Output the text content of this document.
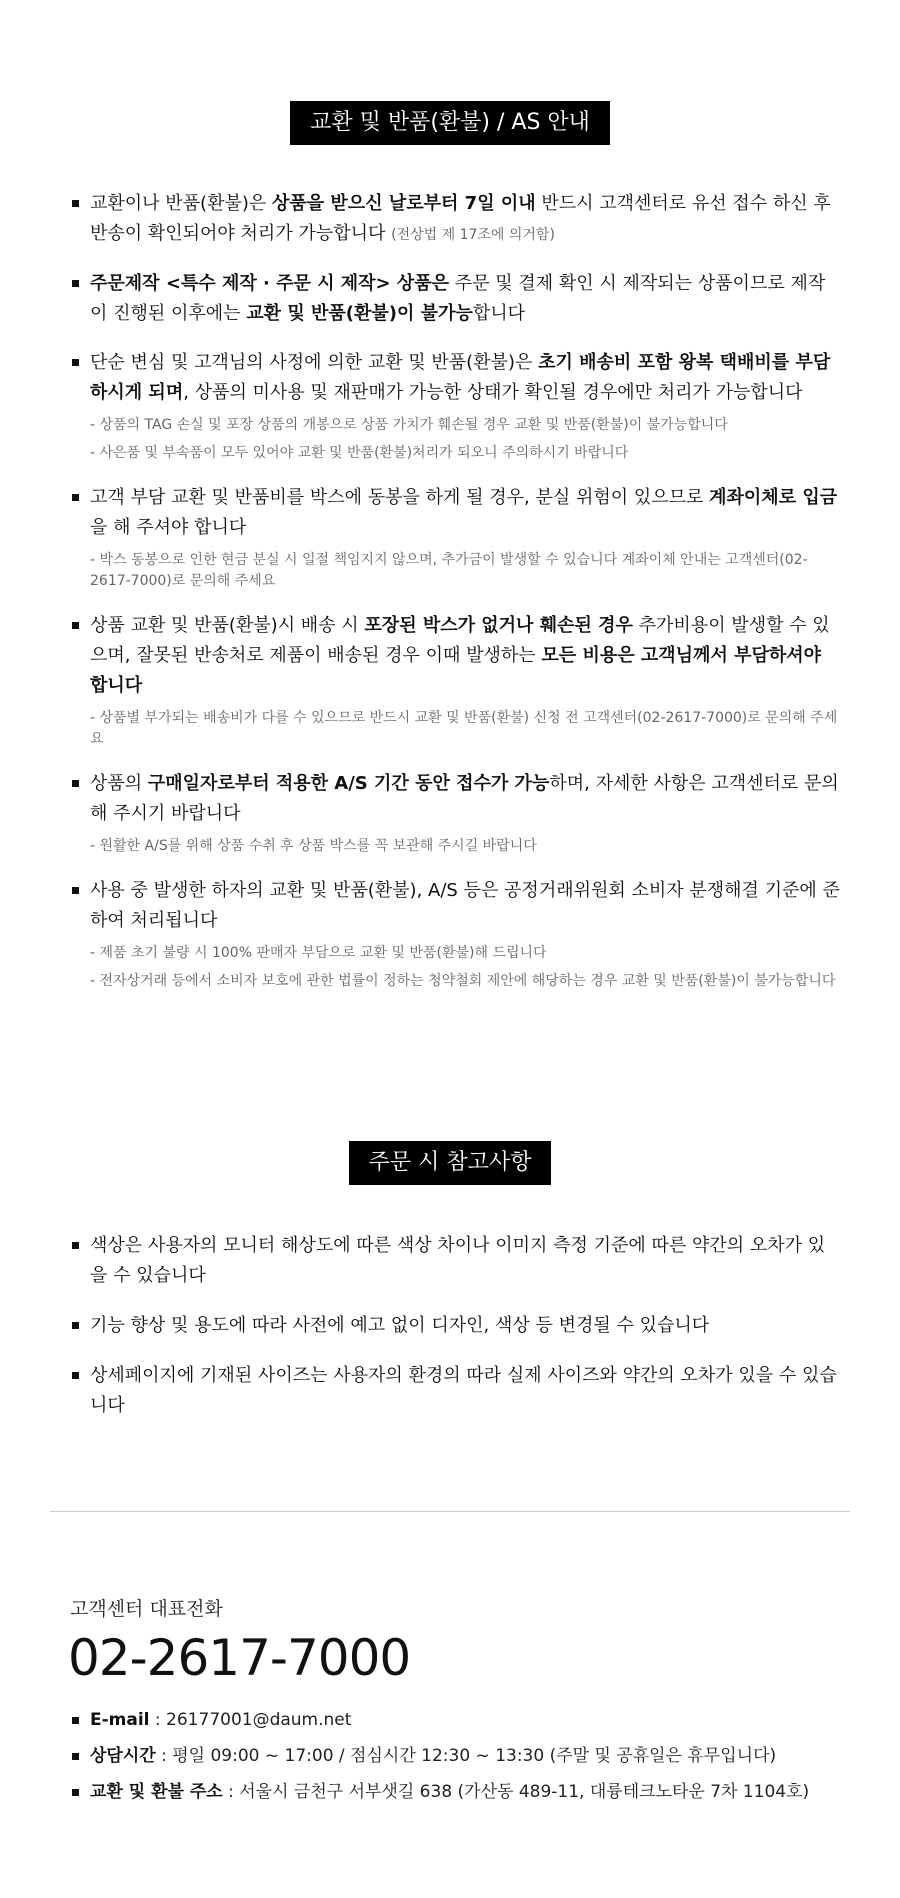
교환 및 반품(환불) / AS 안내
교환이나 반품(환불)은 상품을 받으신 날로부터 7일 이내 반드시 고객센터로 유선 접수 하신 후 반송이 확인되어야 처리가 가능합니다 (전상법 제 17조에 의거함)
주문제작 <특수 제작 · 주문 시 제작> 상품은 주문 및 결제 확인 시 제작되는 상품이므로 제작이 진행된 이후에는 교환 및 반품(환불)이 불가능합니다
단순 변심 및 고객님의 사정에 의한 교환 및 반품(환불)은 초기 배송비 포함 왕복 택배비를 부담하시게 되며, 상품의 미사용 및 재판매가 가능한 상태가 확인될 경우에만 처리가 가능합니다
- 상품의 TAG 손실 및 포장 상품의 개봉으로 상품 가치가 훼손될 경우 교환 및 반품(환불)이 불가능합니다
- 사은품 및 부속품이 모두 있어야 교환 및 반품(환불)처리가 되오니 주의하시기 바랍니다
고객 부담 교환 및 반품비를 박스에 동봉을 하게 될 경우, 분실 위험이 있으므로 계좌이체로 입금을 해 주셔야 합니다
- 박스 동봉으로 인한 현금 분실 시 일절 책임지지 않으며, 추가금이 발생할 수 있습니다 계좌이체 안내는 고객센터(02-2617-7000)로 문의해 주세요
상품 교환 및 반품(환불)시 배송 시 포장된 박스가 없거나 훼손된 경우 추가비용이 발생할 수 있으며, 잘못된 반송처로 제품이 배송된 경우 이때 발생하는 모든 비용은 고객님께서 부담하셔야 합니다
- 상품별 부가되는 배송비가 다를 수 있으므로 반드시 교환 및 반품(환불) 신청 전 고객센터(02-2617-7000)로 문의해 주세요
상품의 구매일자로부터 적용한 A/S 기간 동안 접수가 가능하며, 자세한 사항은 고객센터로 문의해 주시기 바랍니다
- 원활한 A/S를 위해 상품 수취 후 상품 박스를 꼭 보관해 주시길 바랍니다
사용 중 발생한 하자의 교환 및 반품(환불), A/S 등은 공정거래위원회 소비자 분쟁해결 기준에 준하여 처리됩니다
- 제품 초기 불량 시 100% 판매자 부담으로 교환 및 반품(환불)해 드립니다
- 전자상거래 등에서 소비자 보호에 관한 법률이 정하는 청약철회 제안에 해당하는 경우 교환 및 반품(환불)이 불가능합니다
주문 시 참고사항
색상은 사용자의 모니터 해상도에 따른 색상 차이나 이미지 측정 기준에 따른 약간의 오차가 있을 수 있습니다
기능 향상 및 용도에 따라 사전에 예고 없이 디자인, 색상 등 변경될 수 있습니다
상세페이지에 기재된 사이즈는 사용자의 환경의 따라 실제 사이즈와 약간의 오차가 있을 수 있습니다
고객센터 대표전화
02-2617-7000
E-mail : 26177001@daum.net
상담시간 : 평일 09:00 ~ 17:00 / 점심시간 12:30 ~ 13:30 (주말 및 공휴일은 휴무입니다)
교환 및 환불 주소 : 서울시 금천구 서부샛길 638 (가산동 489-11, 대륭테크노타운 7차 1104호)
